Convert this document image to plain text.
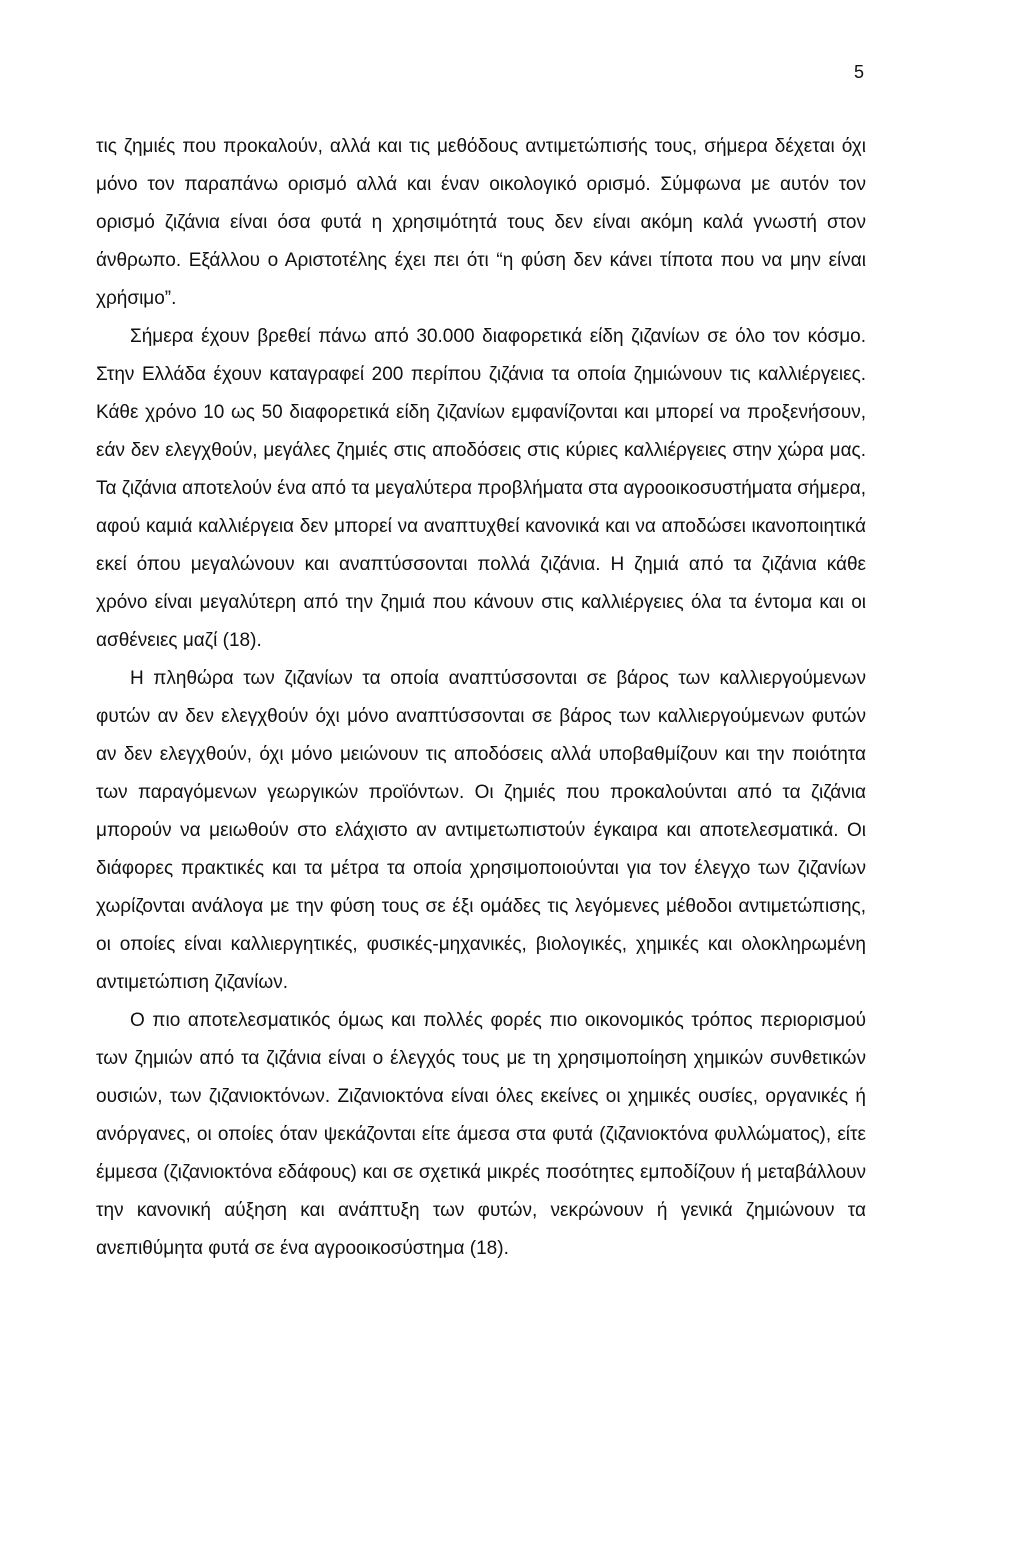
5

τις ζημιές που προκαλούν, αλλά και τις μεθόδους αντιμετώπισής τους, σήμερα δέχεται όχι μόνο τον παραπάνω ορισμό αλλά και έναν οικολογικό ορισμό. Σύμφωνα με αυτόν τον ορισμό ζιζάνια είναι όσα φυτά η χρησιμότητά τους δεν είναι ακόμη καλά γνωστή στον άνθρωπο. Εξάλλου ο Αριστοτέλης έχει πει ότι “η φύση δεν κάνει τίποτα που να μην είναι χρήσιμο”.

Σήμερα έχουν βρεθεί πάνω από 30.000 διαφορετικά είδη ζιζανίων σε όλο τον κόσμο. Στην Ελλάδα έχουν καταγραφεί 200 περίπου ζιζάνια τα οποία ζημιώνουν τις καλλιέργειες. Κάθε χρόνο 10 ως 50 διαφορετικά είδη ζιζανίων εμφανίζονται και μπορεί να προξενήσουν, εάν δεν ελεγχθούν, μεγάλες ζημιές στις αποδόσεις στις κύριες καλλιέργειες στην χώρα μας. Τα ζιζάνια αποτελούν ένα από τα μεγαλύτερα προβλήματα στα αγροοικοσυστήματα σήμερα, αφού καμιά καλλιέργεια δεν μπορεί να αναπτυχθεί κανονικά και να αποδώσει ικανοποιητικά εκεί όπου μεγαλώνουν και αναπτύσσονται πολλά ζιζάνια. Η ζημιά από τα ζιζάνια κάθε χρόνο είναι μεγαλύτερη από την ζημιά που κάνουν στις καλλιέργειες όλα τα έντομα και οι ασθένειες μαζί (18).

Η πληθώρα των ζιζανίων τα οποία αναπτύσσονται σε βάρος των καλλιεργούμενων φυτών αν δεν ελεγχθούν όχι μόνο αναπτύσσονται σε βάρος των καλλιεργούμενων φυτών αν δεν ελεγχθούν, όχι μόνο μειώνουν τις αποδόσεις αλλά υποβαθμίζουν και την ποιότητα των παραγόμενων γεωργικών προϊόντων. Οι ζημιές που προκαλούνται από τα ζιζάνια μπορούν να μειωθούν στο ελάχιστο αν αντιμετωπιστούν έγκαιρα και αποτελεσματικά. Οι διάφορες πρακτικές και τα μέτρα τα οποία χρησιμοποιούνται για τον έλεγχο των ζιζανίων χωρίζονται ανάλογα με την φύση τους σε έξι ομάδες τις λεγόμενες μέθοδοι αντιμετώπισης, οι οποίες είναι καλλιεργητικές, φυσικές-μηχανικές, βιολογικές, χημικές και ολοκληρωμένη αντιμετώπιση ζιζανίων.

Ο πιο αποτελεσματικός όμως και πολλές φορές πιο οικονομικός τρόπος περιορισμού των ζημιών από τα ζιζάνια είναι ο έλεγχός τους με τη χρησιμοποίηση χημικών συνθετικών ουσιών, των ζιζανιοκτόνων. Ζιζανιοκτόνα είναι όλες εκείνες οι χημικές ουσίες, οργανικές ή ανόργανες, οι οποίες όταν ψεκάζονται είτε άμεσα στα φυτά (ζιζανιοκτόνα φυλλώματος), είτε έμμεσα (ζιζανιοκτόνα εδάφους) και σε σχετικά μικρές ποσότητες εμποδίζουν ή μεταβάλλουν την κανονική αύξηση και ανάπτυξη των φυτών, νεκρώνουν ή γενικά ζημιώνουν τα ανεπιθύμητα φυτά σε ένα αγροοικοσύστημα (18).
